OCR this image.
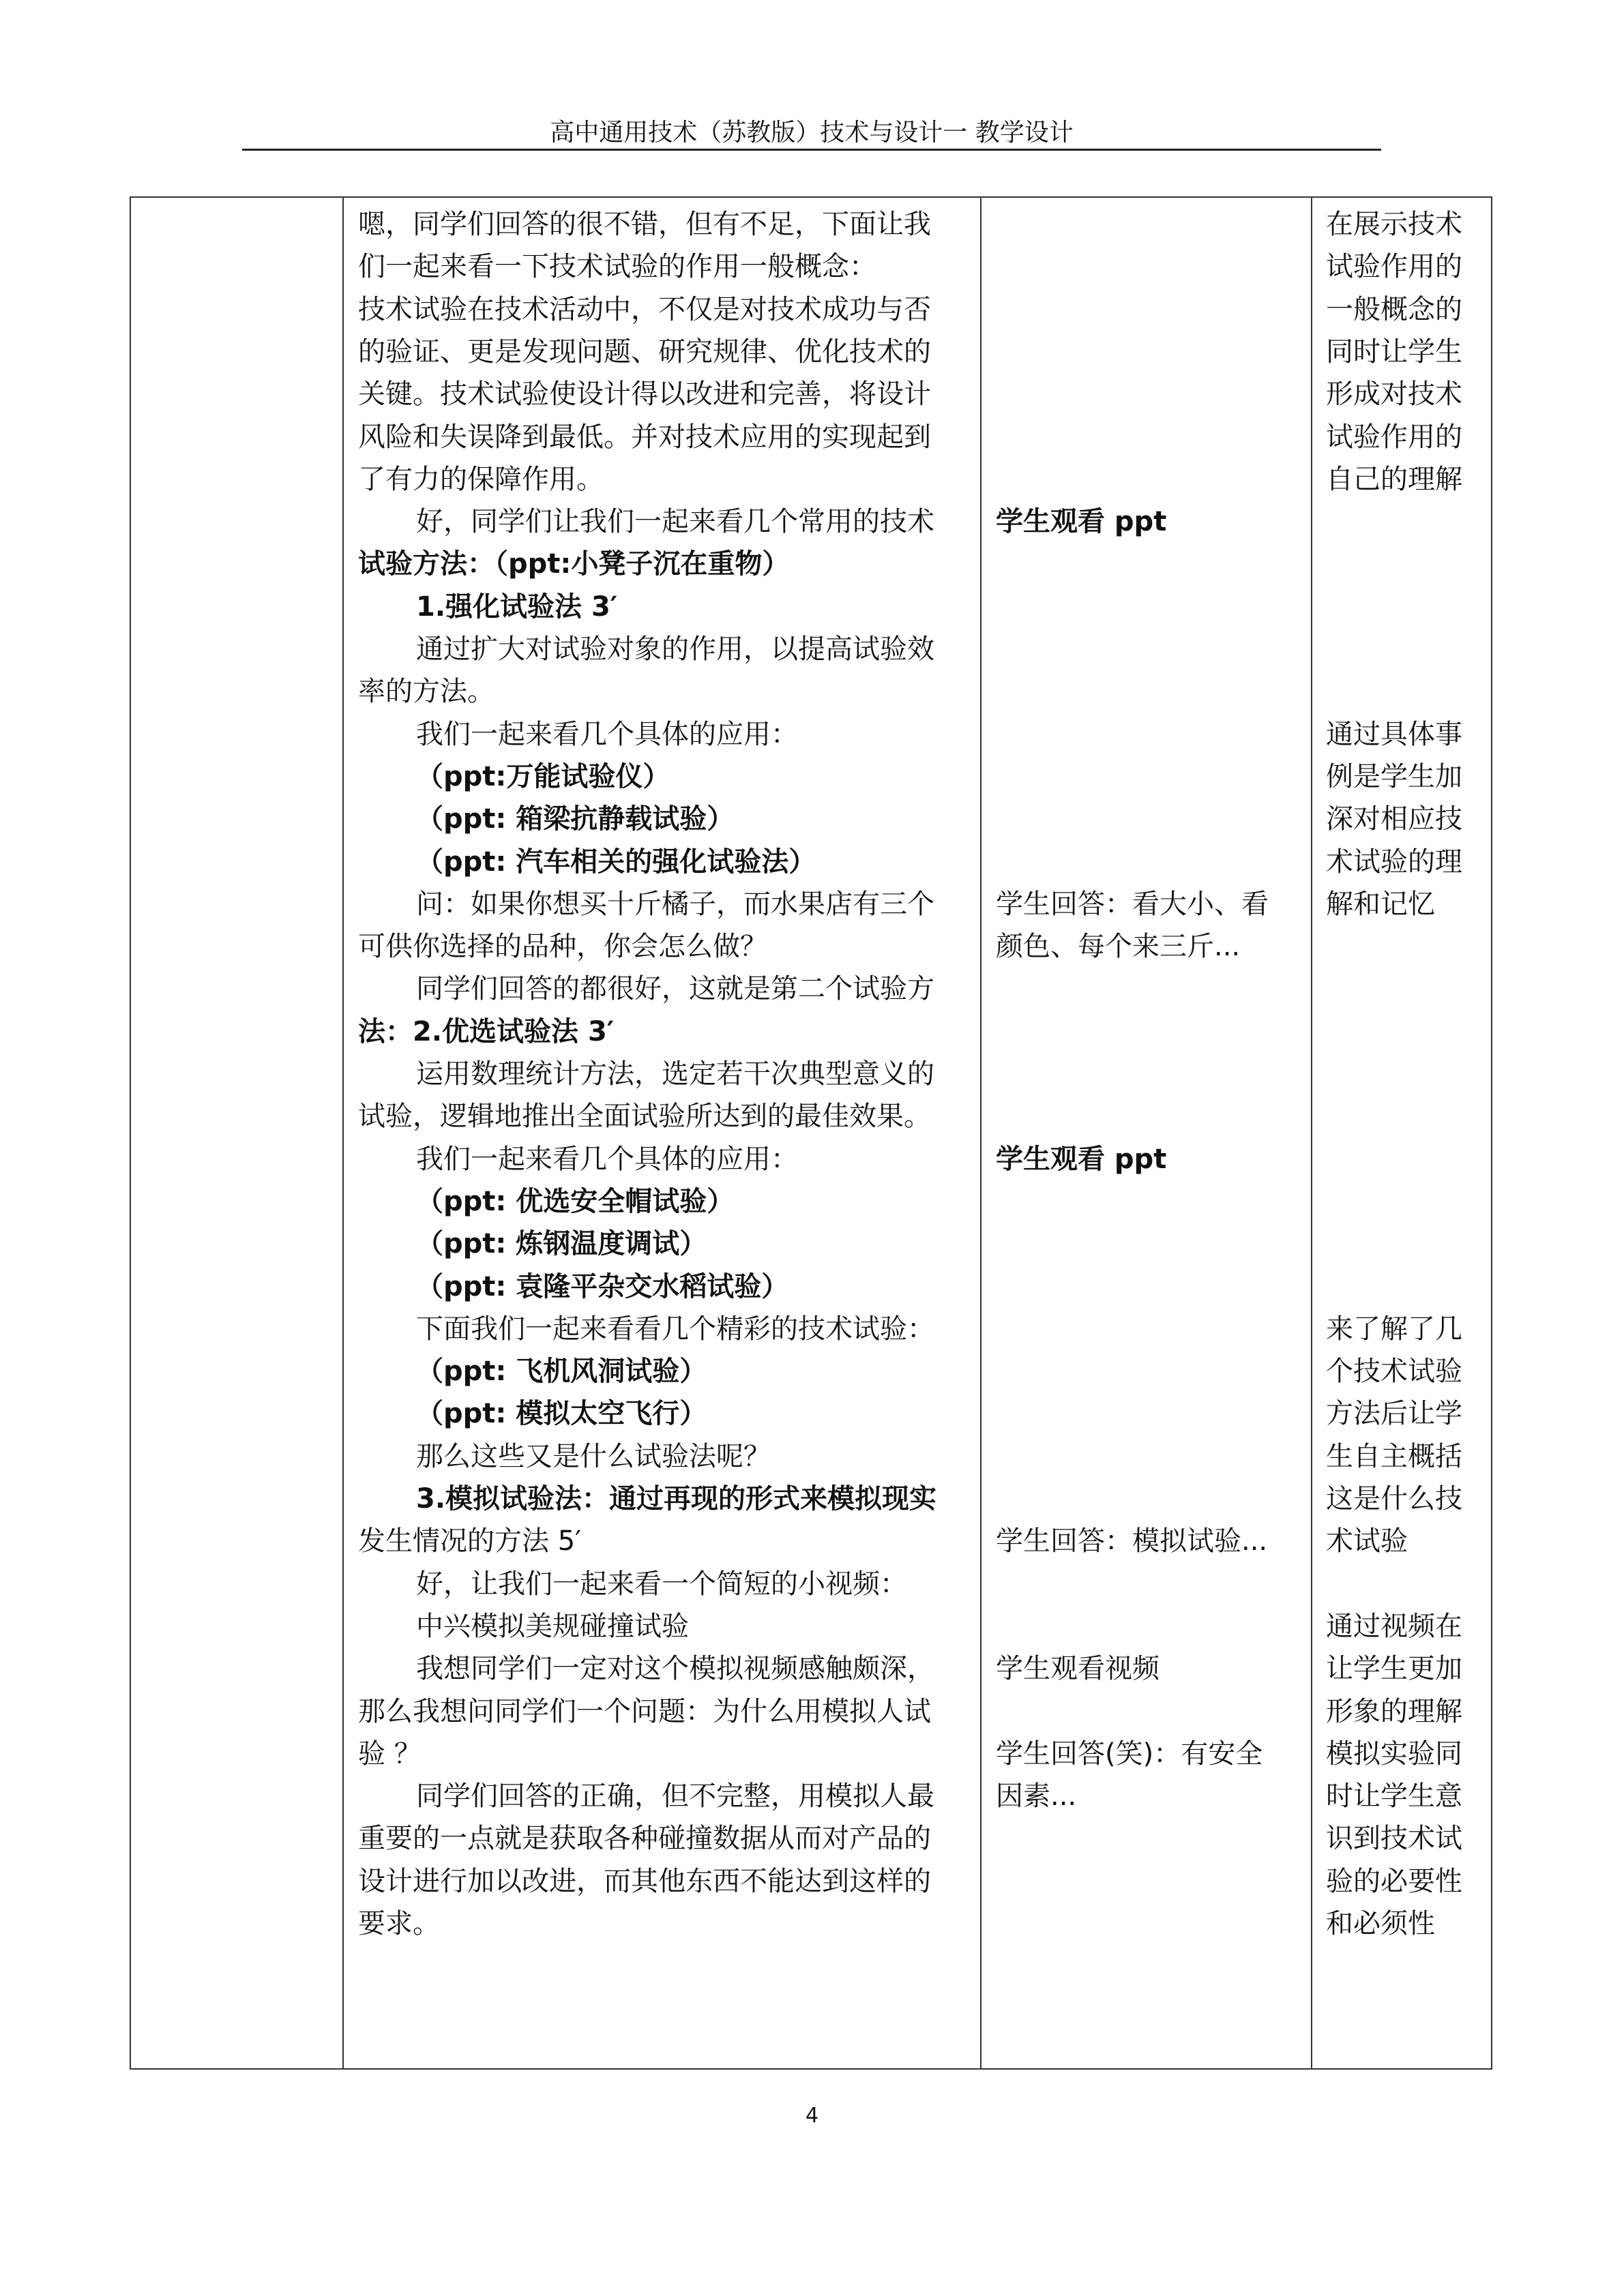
高中通用技术（苏教版）技术与设计一 教学设计
嗯，同学们回答的很不错，但有不足，下面让我
们一起来看一下技术试验的作用一般概念：
技术试验在技术活动中，不仅是对技术成功与否
的验证、更是发现问题、研究规律、优化技术的
关键。技术试验使设计得以改进和完善，将设计
风险和失误降到最低。并对技术应用的实现起到
了有力的保障作用。
好，同学们让我们一起来看几个常用的技术
试验方法：（ppt:小凳子沉在重物）
1.强化试验法 3′
通过扩大对试验对象的作用，以提高试验效
率的方法。
我们一起来看几个具体的应用：
（ppt:万能试验仪）
（ppt: 箱梁抗静载试验）
（ppt: 汽车相关的强化试验法）
问：如果你想买十斤橘子，而水果店有三个
可供你选择的品种，你会怎么做？
同学们回答的都很好，这就是第二个试验方
法：2.优选试验法 3′
运用数理统计方法，选定若干次典型意义的
试验，逻辑地推出全面试验所达到的最佳效果。
我们一起来看几个具体的应用：
（ppt: 优选安全帽试验）
（ppt: 炼钢温度调试）
（ppt: 袁隆平杂交水稻试验）
下面我们一起来看看几个精彩的技术试验：
（ppt: 飞机风洞试验）
（ppt: 模拟太空飞行）
那么这些又是什么试验法呢？
3.模拟试验法：通过再现的形式来模拟现实
发生情况的方法 5′
好，让我们一起来看一个简短的小视频：
中兴模拟美规碰撞试验
我想同学们一定对这个模拟视频感触颇深，
那么我想问同学们一个问题：为什么用模拟人试
验 ？
同学们回答的正确，但不完整，用模拟人最
重要的一点就是获取各种碰撞数据从而对产品的
设计进行加以改进，而其他东西不能达到这样的
要求。
学生观看 ppt
学生回答：看大小、看
颜色、每个来三斤...
学生观看 ppt
学生回答：模拟试验...
学生观看视频
学生回答(笑)：有安全
因素...
在展示技术
试验作用的
一般概念的
同时让学生
形成对技术
试验作用的
自己的理解
通过具体事
例是学生加
深对相应技
术试验的理
解和记忆
来了解了几
个技术试验
方法后让学
生自主概括
这是什么技
术试验
通过视频在
让学生更加
形象的理解
模拟实验同
时让学生意
识到技术试
验的必要性
和必须性
4
